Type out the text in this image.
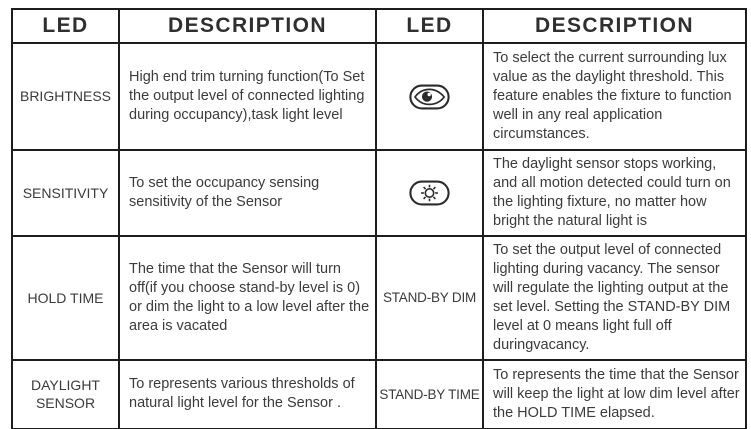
LED	DESCRIPTION	LED	DESCRIPTION
BRIGHTNESS	High end trim turning function(To Set the output level of connected lighting during occupancy),task light level		To select the current surrounding lux value as the daylight threshold. This feature enables the fixture to function well in any real application circumstances.
SENSITIVITY	To set the occupancy sensing sensitivity of the Sensor		The daylight sensor stops working, and all motion detected could turn on the lighting fixture, no matter how bright the natural light is
HOLD TIME	The time that the Sensor will turn off(if you choose stand-by level is 0) or dim the light to a low level after the area is vacated	STAND-BY DIM	To set the output level of connected lighting during vacancy. The sensor will regulate the lighting output at the set level. Setting the STAND-BY DIM level at 0 means light full off duringvacancy.
DAYLIGHT SENSOR	To represents various thresholds of natural light level for the Sensor .	STAND-BY TIME	To represents the time that the Sensor will keep the light at low dim level after the HOLD TIME elapsed.
